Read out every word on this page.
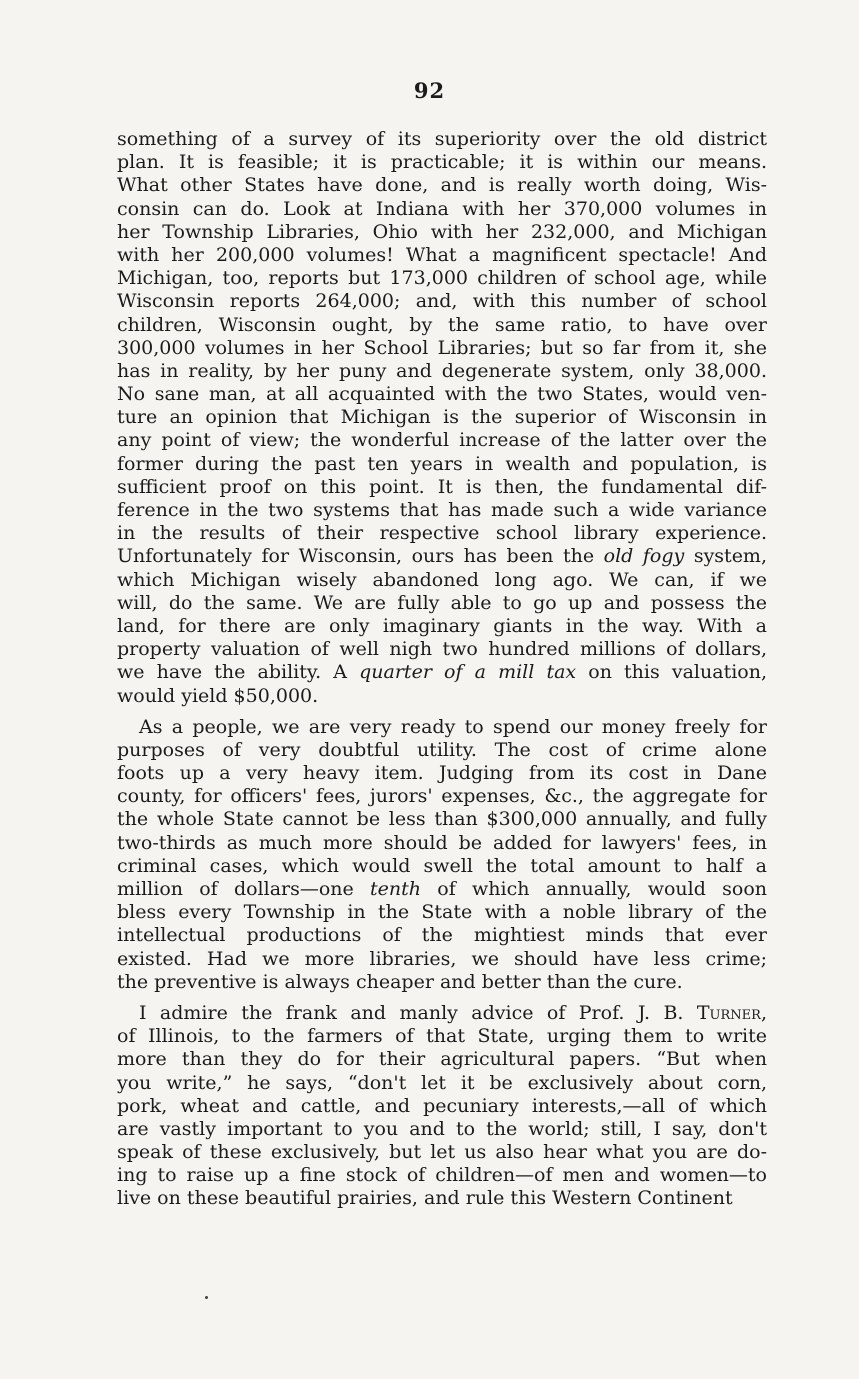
92
something of a survey of its superiority over the old district
plan. It is feasible; it is practicable; it is within our means.
What other States have done, and is really worth doing, Wis-
consin can do. Look at Indiana with her 370,000 volumes in
her Township Libraries, Ohio with her 232,000, and Michigan
with her 200,000 volumes! What a magnificent spectacle! And
Michigan, too, reports but 173,000 children of school age, while
Wisconsin reports 264,000; and, with this number of school
children, Wisconsin ought, by the same ratio, to have over
300,000 volumes in her School Libraries; but so far from it, she
has in reality, by her puny and degenerate system, only 38,000.
No sane man, at all acquainted with the two States, would ven-
ture an opinion that Michigan is the superior of Wisconsin in
any point of view; the wonderful increase of the latter over the
former during the past ten years in wealth and population, is
sufficient proof on this point. It is then, the fundamental dif-
ference in the two systems that has made such a wide variance
in the results of their respective school library experience.
Unfortunately for Wisconsin, ours has been the old fogy system,
which Michigan wisely abandoned long ago. We can, if we
will, do the same. We are fully able to go up and possess the
land, for there are only imaginary giants in the way. With a
property valuation of well nigh two hundred millions of dollars,
we have the ability. A quarter of a mill tax on this valuation,
would yield $50,000.
As a people, we are very ready to spend our money freely for
purposes of very doubtful utility. The cost of crime alone
foots up a very heavy item. Judging from its cost in Dane
county, for officers' fees, jurors' expenses, &c., the aggregate for
the whole State cannot be less than $300,000 annually, and fully
two-thirds as much more should be added for lawyers' fees, in
criminal cases, which would swell the total amount to half a
million of dollars—one tenth of which annually, would soon
bless every Township in the State with a noble library of the
intellectual productions of the mightiest minds that ever
existed. Had we more libraries, we should have less crime;
the preventive is always cheaper and better than the cure.
I admire the frank and manly advice of Prof. J. B. Turner,
of Illinois, to the farmers of that State, urging them to write
more than they do for their agricultural papers. “But when
you write,” he says, “don't let it be exclusively about corn,
pork, wheat and cattle, and pecuniary interests,—all of which
are vastly important to you and to the world; still, I say, don't
speak of these exclusively, but let us also hear what you are do-
ing to raise up a fine stock of children—of men and women—to
live on these beautiful prairies, and rule this Western Continent
